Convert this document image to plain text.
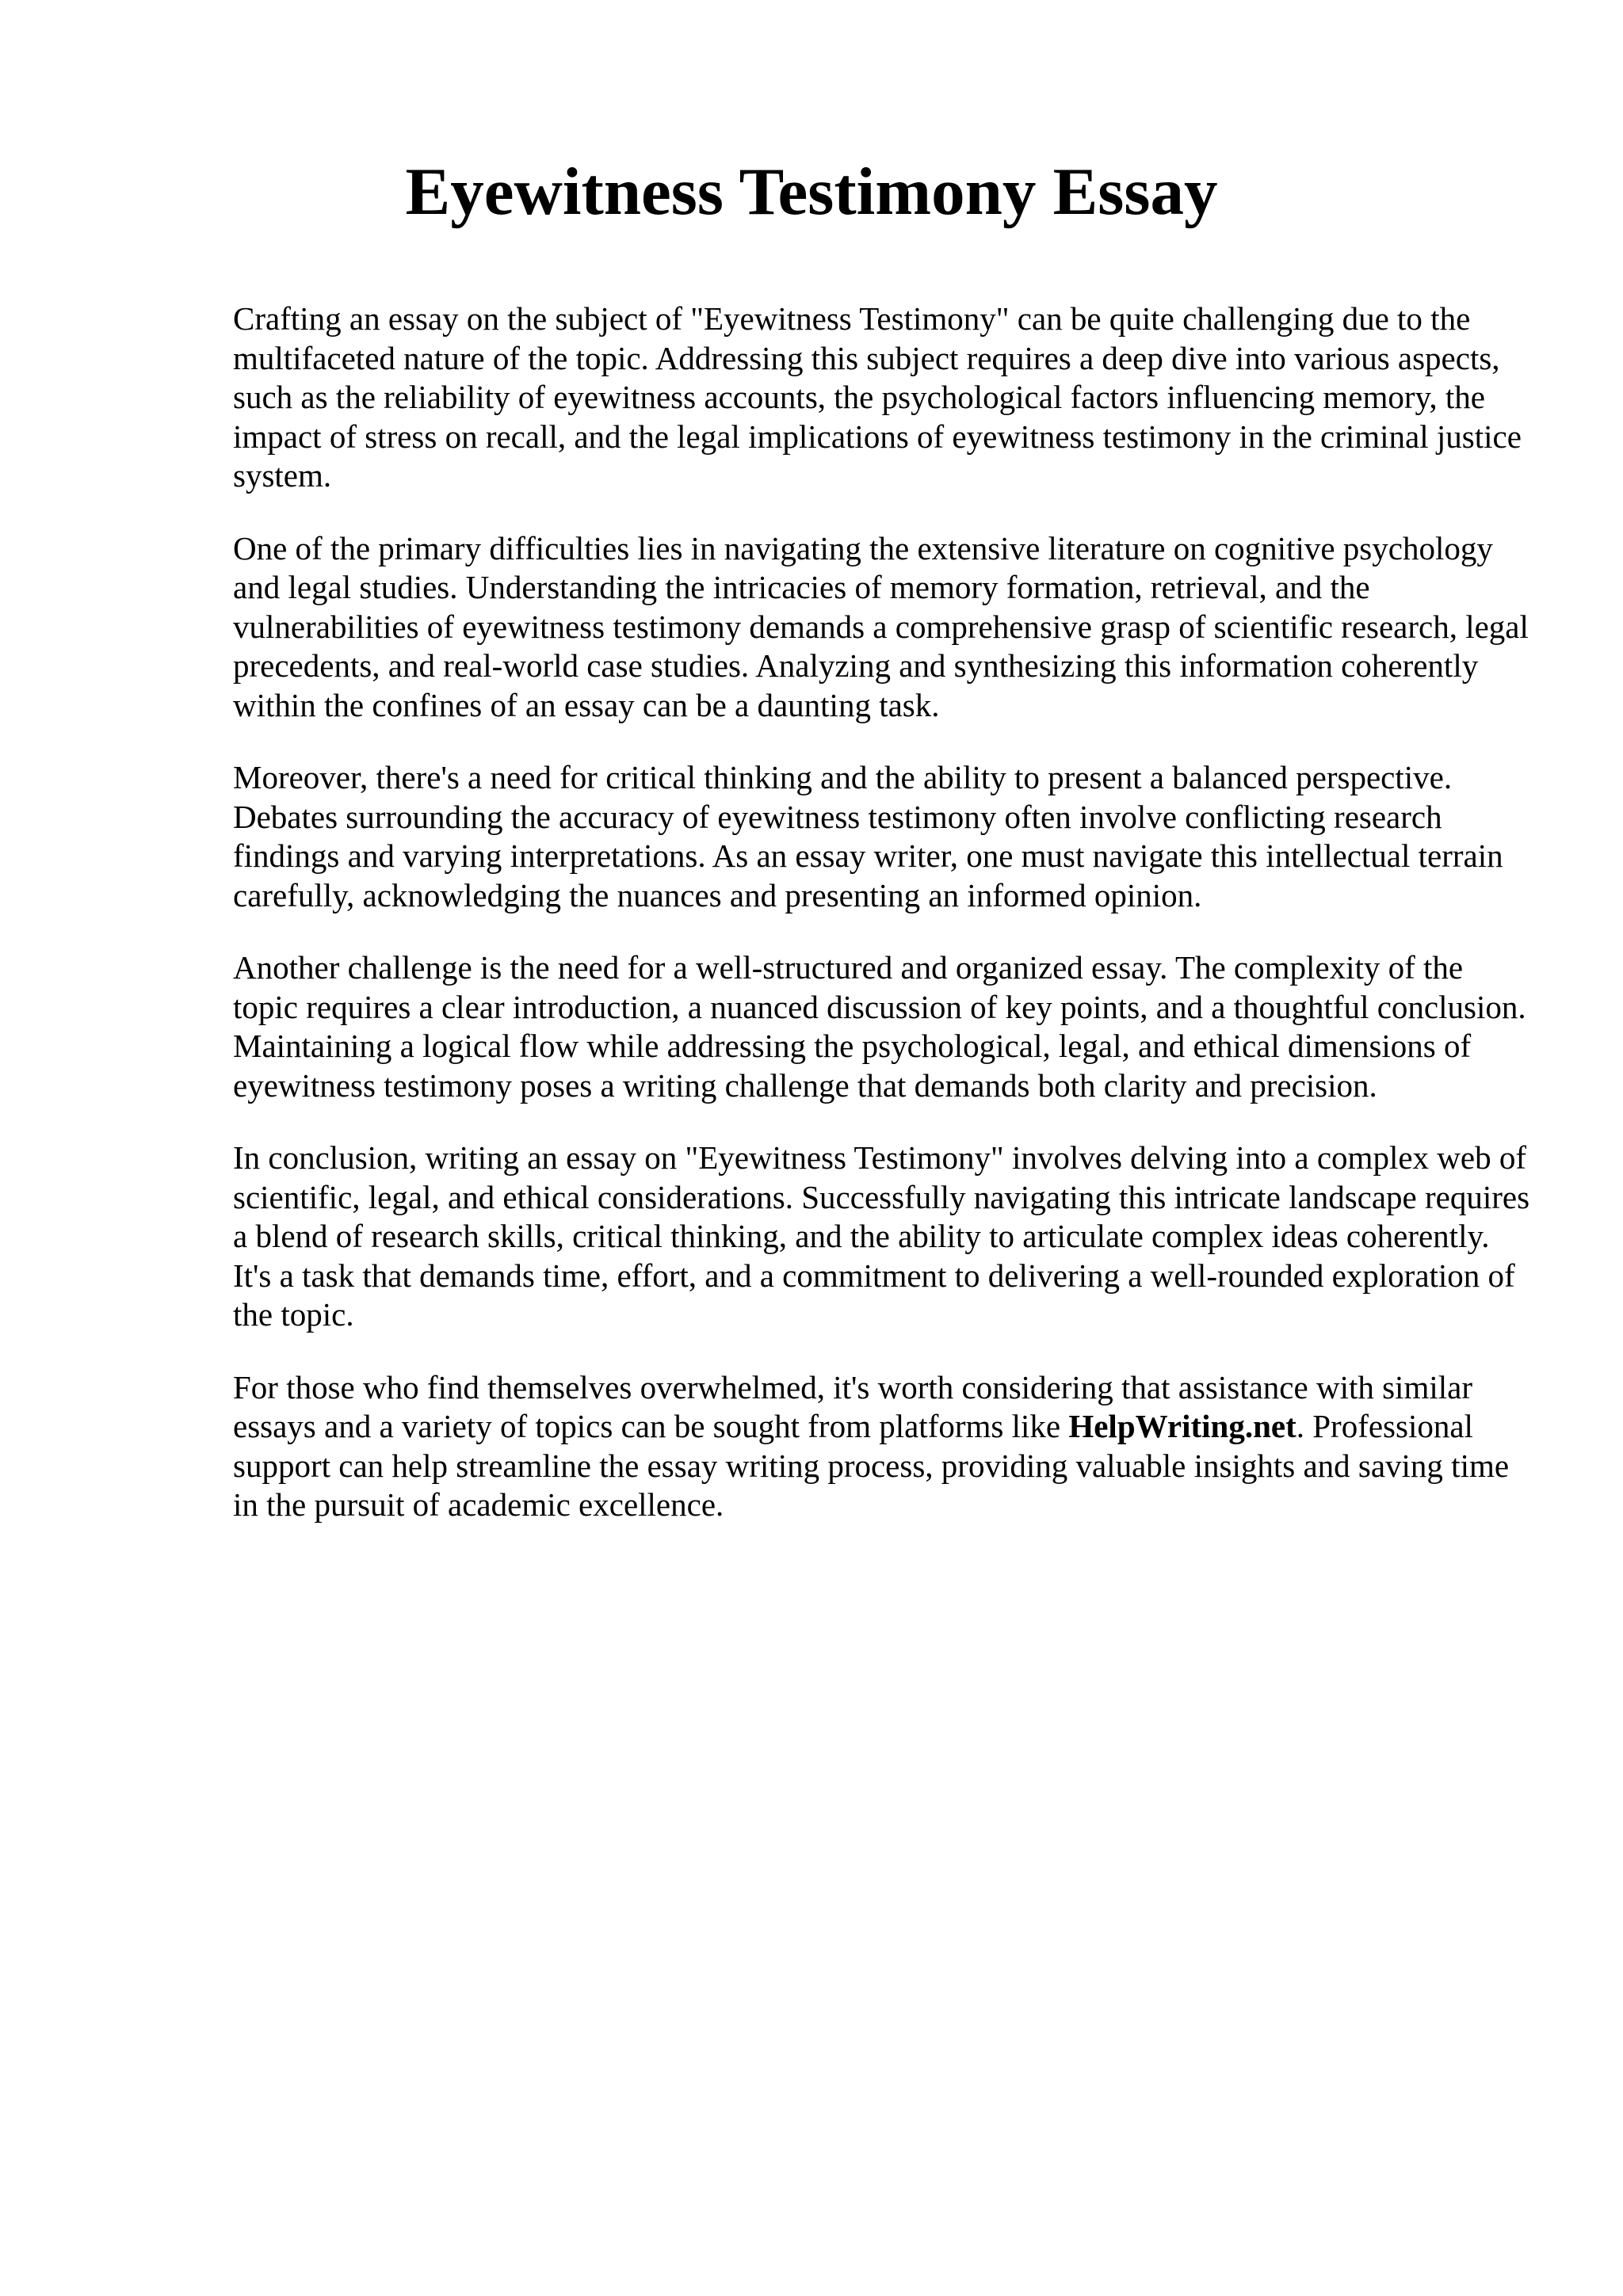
Eyewitness Testimony Essay

Crafting an essay on the subject of "Eyewitness Testimony" can be quite challenging due to the multifaceted nature of the topic. Addressing this subject requires a deep dive into various aspects, such as the reliability of eyewitness accounts, the psychological factors influencing memory, the impact of stress on recall, and the legal implications of eyewitness testimony in the criminal justice system.

One of the primary difficulties lies in navigating the extensive literature on cognitive psychology and legal studies. Understanding the intricacies of memory formation, retrieval, and the vulnerabilities of eyewitness testimony demands a comprehensive grasp of scientific research, legal precedents, and real-world case studies. Analyzing and synthesizing this information coherently within the confines of an essay can be a daunting task.

Moreover, there's a need for critical thinking and the ability to present a balanced perspective. Debates surrounding the accuracy of eyewitness testimony often involve conflicting research findings and varying interpretations. As an essay writer, one must navigate this intellectual terrain carefully, acknowledging the nuances and presenting an informed opinion.

Another challenge is the need for a well-structured and organized essay. The complexity of the topic requires a clear introduction, a nuanced discussion of key points, and a thoughtful conclusion. Maintaining a logical flow while addressing the psychological, legal, and ethical dimensions of eyewitness testimony poses a writing challenge that demands both clarity and precision.

In conclusion, writing an essay on "Eyewitness Testimony" involves delving into a complex web of scientific, legal, and ethical considerations. Successfully navigating this intricate landscape requires a blend of research skills, critical thinking, and the ability to articulate complex ideas coherently. It's a task that demands time, effort, and a commitment to delivering a well-rounded exploration of the topic.

For those who find themselves overwhelmed, it's worth considering that assistance with similar essays and a variety of topics can be sought from platforms like HelpWriting.net. Professional support can help streamline the essay writing process, providing valuable insights and saving time in the pursuit of academic excellence.
